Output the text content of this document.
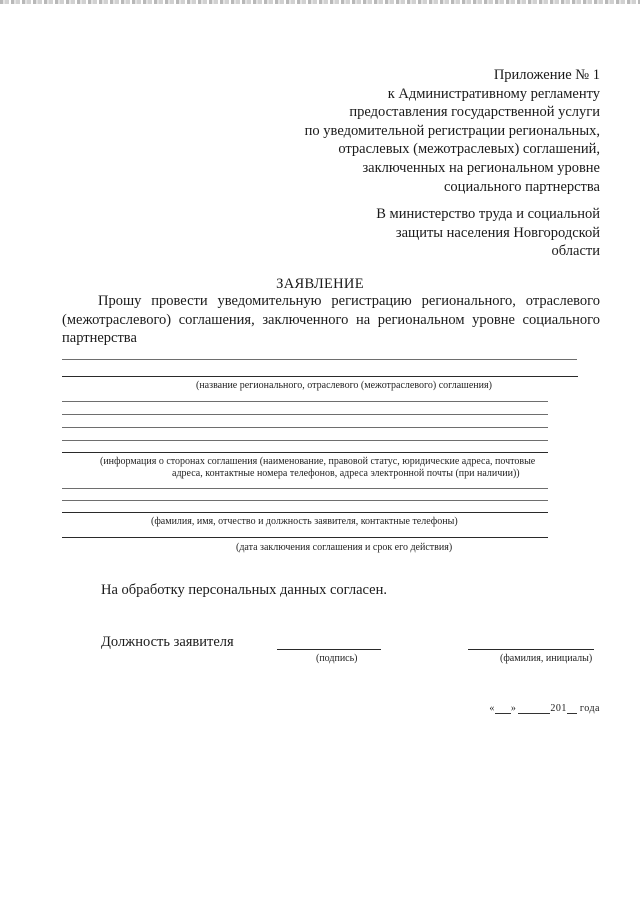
Приложение № 1
к Административному регламенту
предоставления государственной услуги
по уведомительной регистрации региональных,
отраслевых (межотраслевых) соглашений,
заключенных на региональном уровне
социального партнерства
В министерство труда и социальной
защиты населения Новгородской
области
ЗАЯВЛЕНИЕ
Прошу провести уведомительную регистрацию регионального, отраслевого (межотраслевого) соглашения, заключенного на региональном уровне социального партнерства
(название регионального, отраслевого (межотраслевого) соглашения)
(информация о сторонах соглашения (наименование, правовой статус, юридические адреса, почтовые
адреса, контактные номера телефонов, адреса электронной почты (при наличии))
(фамилия, имя, отчество и должность заявителя, контактные телефоны)
(дата заключения соглашения и срок его действия)
На обработку персональных данных согласен.
Должность заявителя
(подпись)	(фамилия, инициалы)
« »	201 года
